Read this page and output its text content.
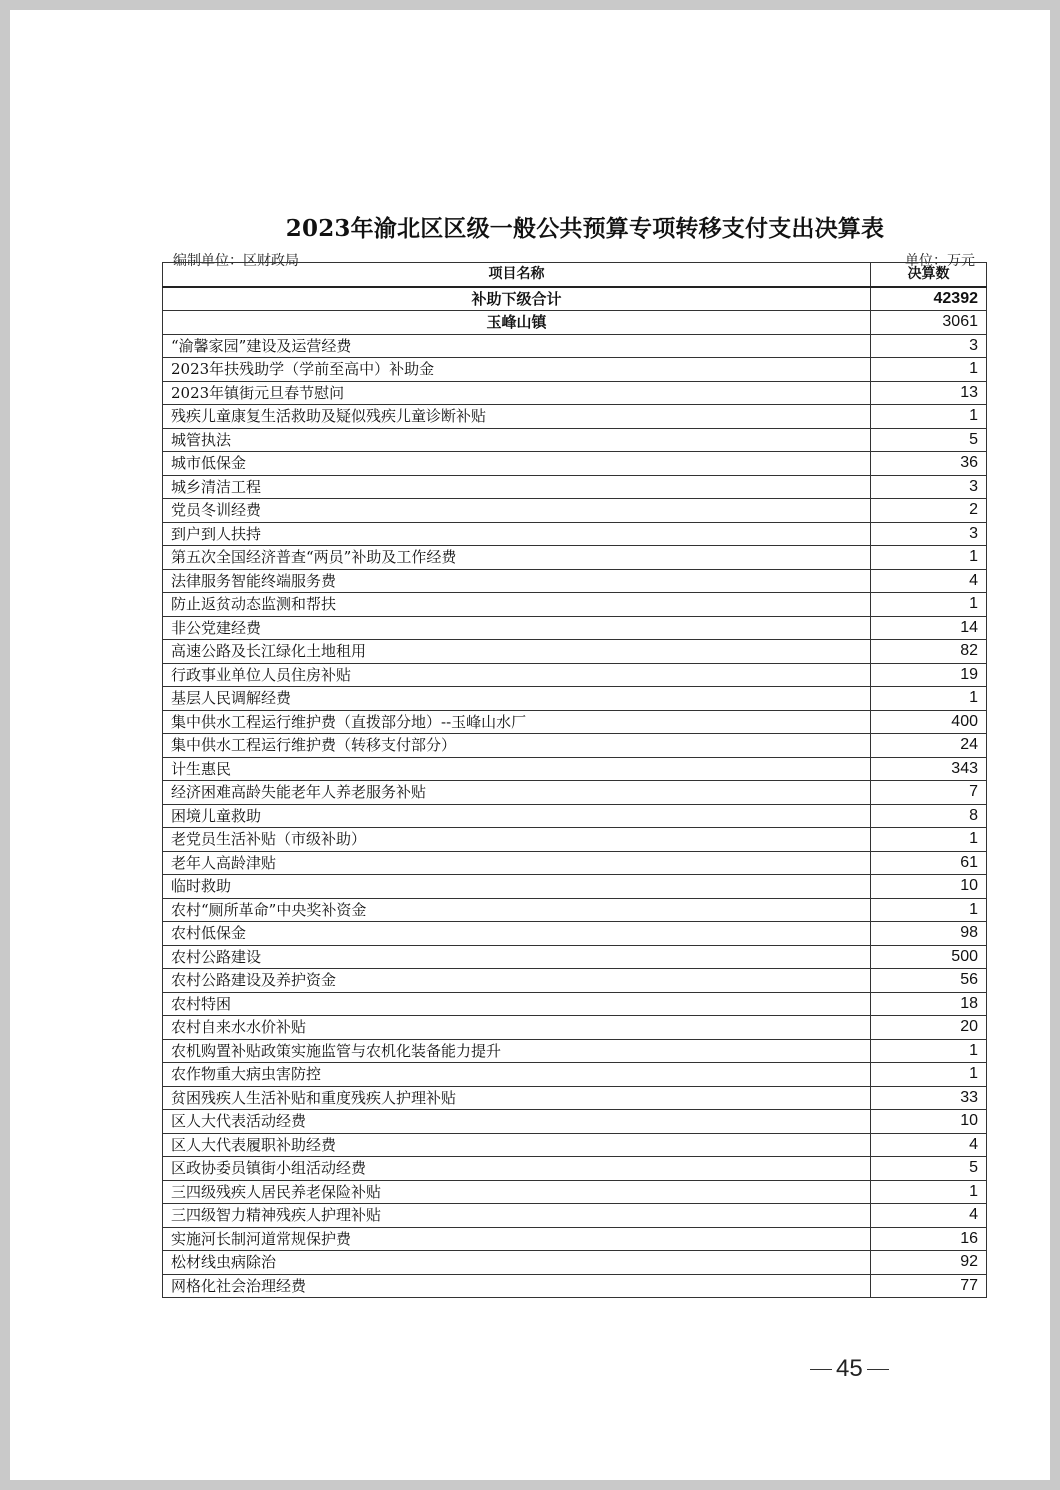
2023年渝北区区级一般公共预算专项转移支付支出决算表
编制单位：区财政局	单位：万元
项目名称	决算数
补助下级合计	42392
玉峰山镇	3061
“渝馨家园”建设及运营经费	3
2023年扶残助学（学前至高中）补助金	1
2023年镇街元旦春节慰问	13
残疾儿童康复生活救助及疑似残疾儿童诊断补贴	1
城管执法	5
城市低保金	36
城乡清洁工程	3
党员冬训经费	2
到户到人扶持	3
第五次全国经济普查“两员”补助及工作经费	1
法律服务智能终端服务费	4
防止返贫动态监测和帮扶	1
非公党建经费	14
高速公路及长江绿化土地租用	82
行政事业单位人员住房补贴	19
基层人民调解经费	1
集中供水工程运行维护费（直拨部分地）--玉峰山水厂	400
集中供水工程运行维护费（转移支付部分）	24
计生惠民	343
经济困难高龄失能老年人养老服务补贴	7
困境儿童救助	8
老党员生活补贴（市级补助）	1
老年人高龄津贴	61
临时救助	10
农村“厕所革命”中央奖补资金	1
农村低保金	98
农村公路建设	500
农村公路建设及养护资金	56
农村特困	18
农村自来水水价补贴	20
农机购置补贴政策实施监管与农机化装备能力提升	1
农作物重大病虫害防控	1
贫困残疾人生活补贴和重度残疾人护理补贴	33
区人大代表活动经费	10
区人大代表履职补助经费	4
区政协委员镇街小组活动经费	5
三四级残疾人居民养老保险补贴	1
三四级智力精神残疾人护理补贴	4
实施河长制河道常规保护费	16
松材线虫病除治	92
网格化社会治理经费	77
45
